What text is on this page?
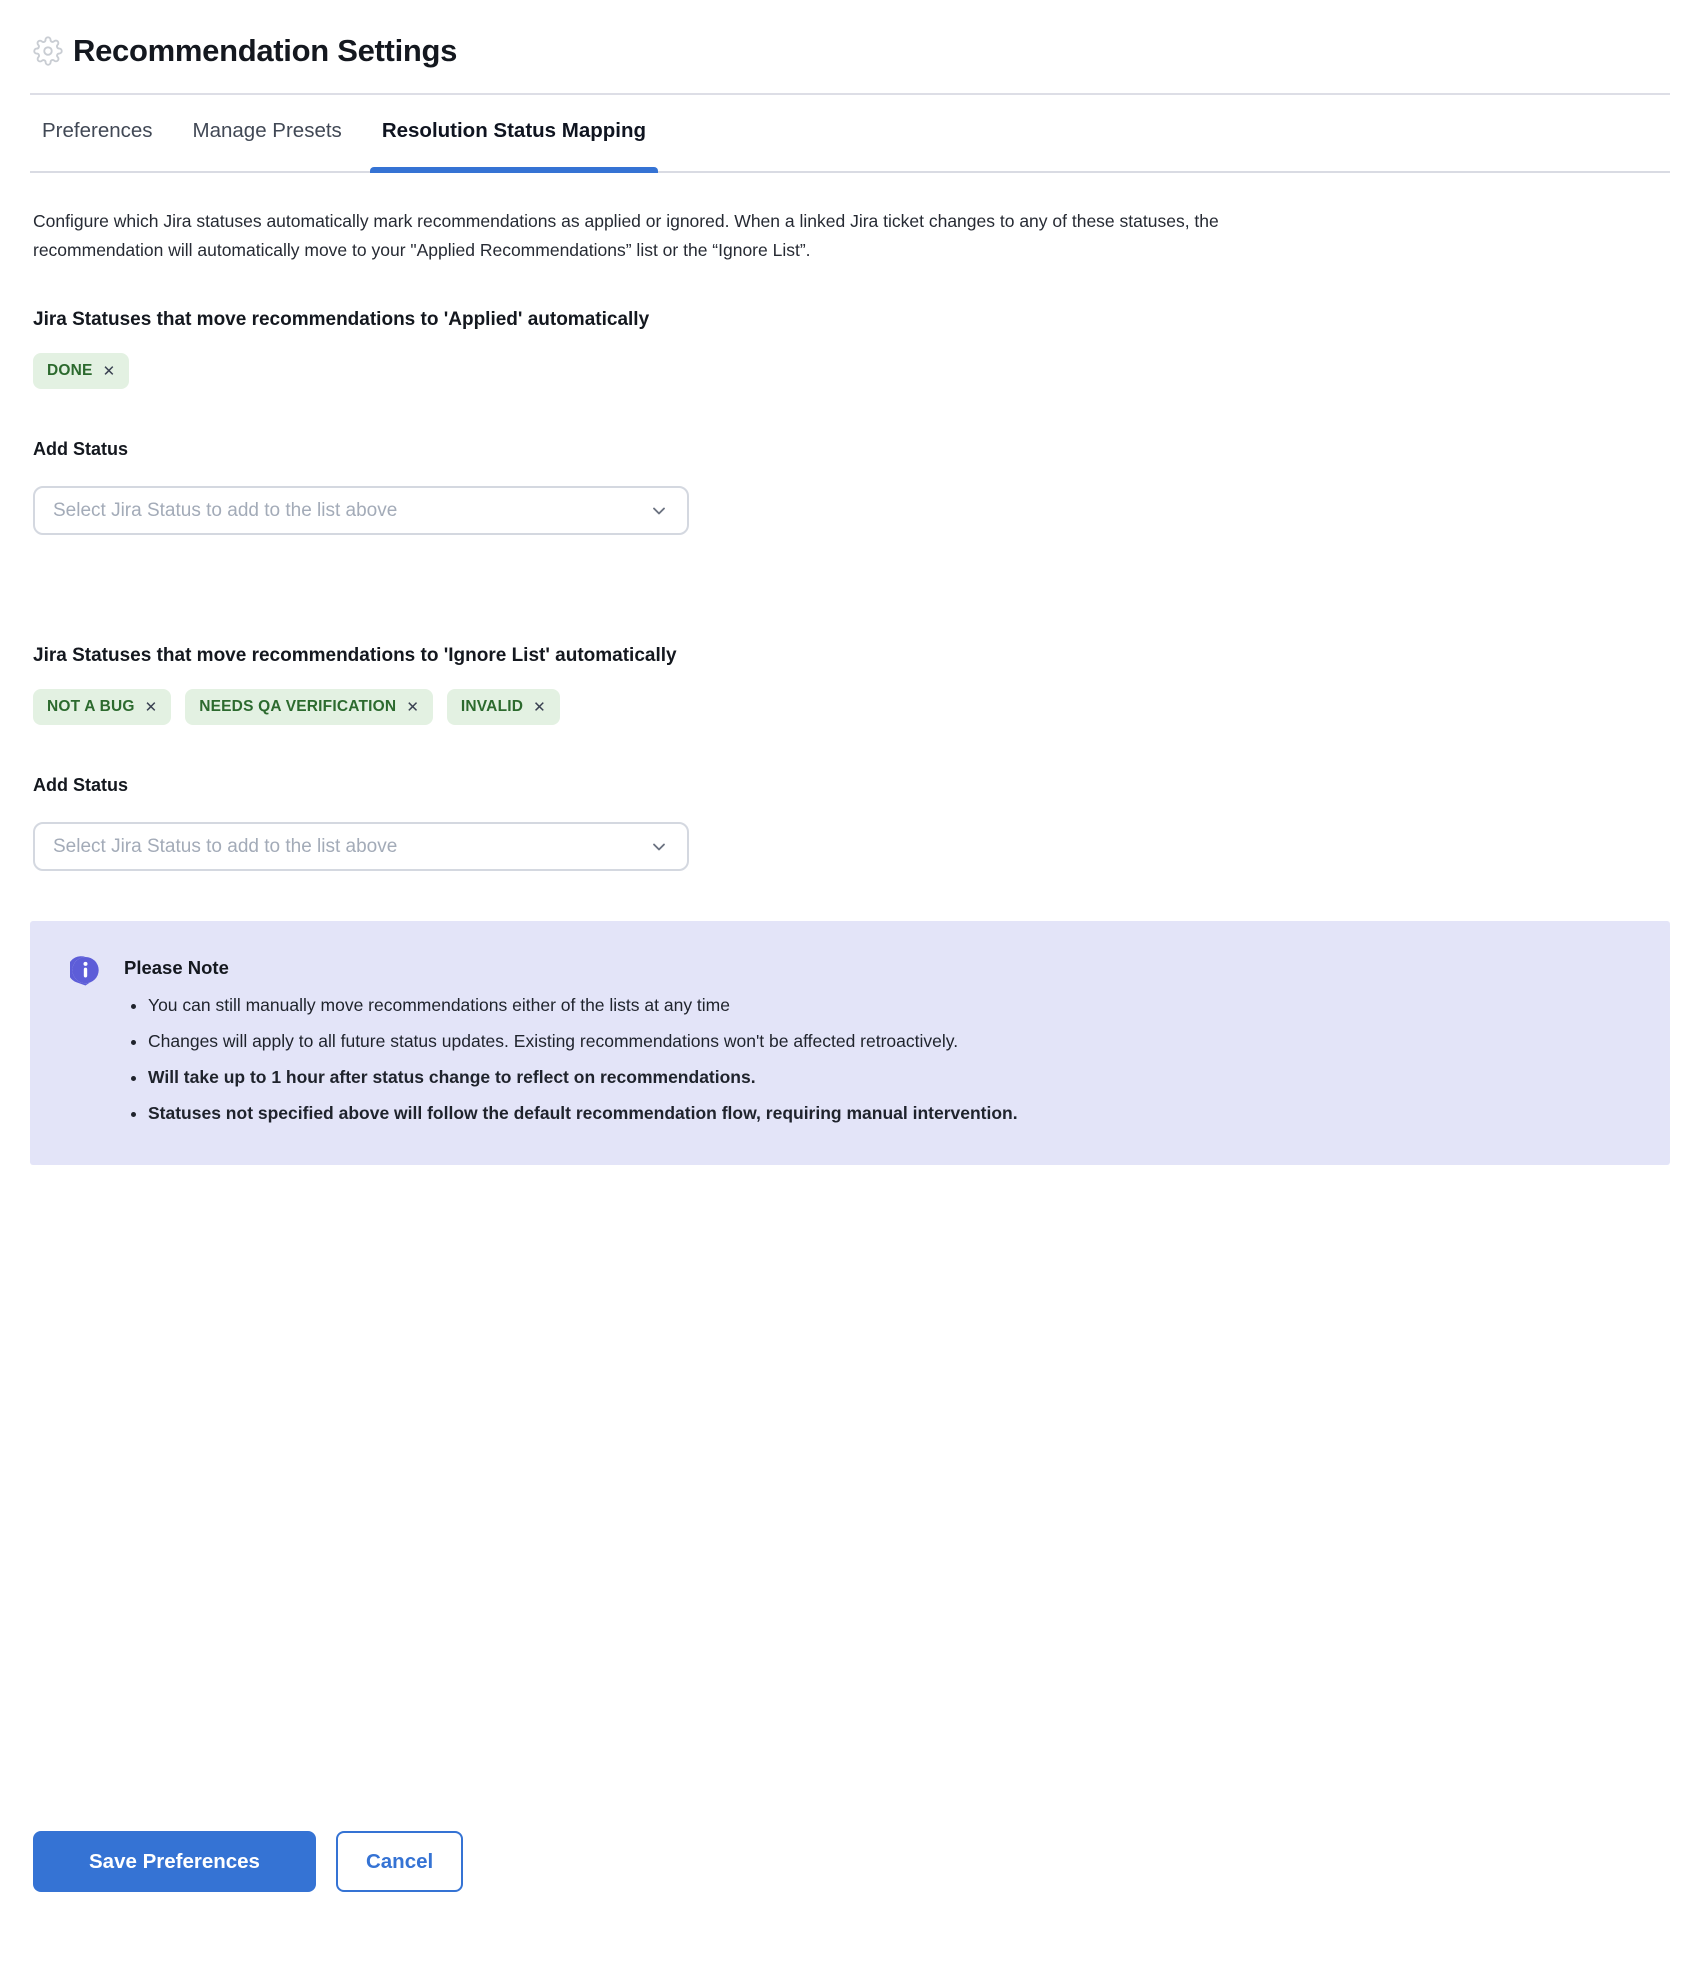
Recommendation Settings
Preferences	Manage Presets	Resolution Status Mapping

Configure which Jira statuses automatically mark recommendations as applied or ignored. When a linked Jira ticket changes to any of these statuses, the recommendation will automatically move to your "Applied Recommendations” list or the “Ignore List”.

Jira Statuses that move recommendations to 'Applied' automatically
DONE ✕
Add Status
Select Jira Status to add to the list above
Jira Statuses that move recommendations to 'Ignore List' automatically
NOT A BUG ✕	NEEDS QA VERIFICATION ✕	INVALID ✕
Add Status
Select Jira Status to add to the list above
Please Note
• You can still manually move recommendations either of the lists at any time
• Changes will apply to all future status updates. Existing recommendations won't be affected retroactively.
• Will take up to 1 hour after status change to reflect on recommendations.
• Statuses not specified above will follow the default recommendation flow, requiring manual intervention.
Save Preferences	Cancel
